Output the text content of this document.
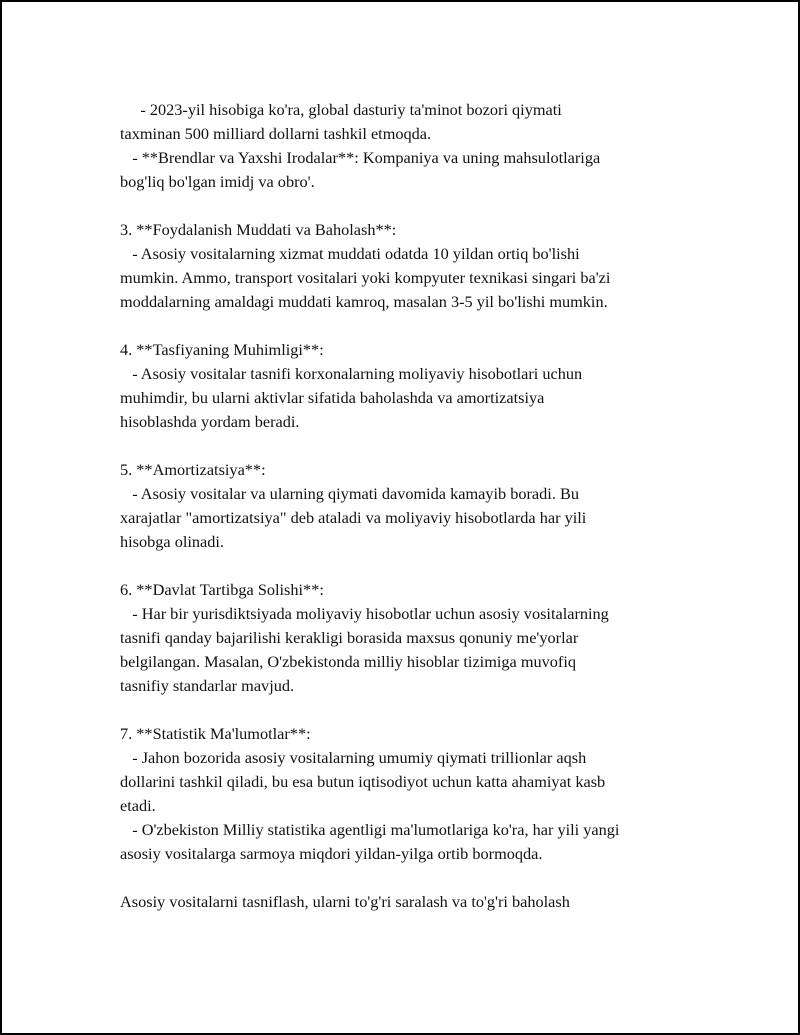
- 2023-yil hisobiga ko'ra, global dasturiy ta'minot bozori qiymati

taxminan 500 milliard dollarni tashkil etmoqda.

- **Brendlar va Yaxshi Irodalar**: Kompaniya va uning mahsulotlariga

bog'liq bo'lgan imidj va obro'.

3. **Foydalanish Muddati va Baholash**:

- Asosiy vositalarning xizmat muddati odatda 10 yildan ortiq bo'lishi

mumkin. Ammo, transport vositalari yoki kompyuter texnikasi singari ba'zi

moddalarning amaldagi muddati kamroq, masalan 3-5 yil bo'lishi mumkin.

4. **Tasfiyaning Muhimligi**:

- Asosiy vositalar tasnifi korxonalarning moliyaviy hisobotlari uchun

muhimdir, bu ularni aktivlar sifatida baholashda va amortizatsiya

hisoblashda yordam beradi.

5. **Amortizatsiya**:

- Asosiy vositalar va ularning qiymati davomida kamayib boradi. Bu

xarajatlar "amortizatsiya" deb ataladi va moliyaviy hisobotlarda har yili

hisobga olinadi.

6. **Davlat Tartibga Solishi**:

- Har bir yurisdiktsiyada moliyaviy hisobotlar uchun asosiy vositalarning

tasnifi qanday bajarilishi kerakligi borasida maxsus qonuniy me'yorlar

belgilangan. Masalan, O'zbekistonda milliy hisoblar tizimiga muvofiq

tasnifiy standarlar mavjud.

7. **Statistik Ma'lumotlar**:

- Jahon bozorida asosiy vositalarning umumiy qiymati trillionlar aqsh

dollarini tashkil qiladi, bu esa butun iqtisodiyot uchun katta ahamiyat kasb

etadi.

- O'zbekiston Milliy statistika agentligi ma'lumotlariga ko'ra, har yili yangi

asosiy vositalarga sarmoya miqdori yildan-yilga ortib bormoqda.

Asosiy vositalarni tasniflash, ularni to'g'ri saralash va to'g'ri baholash
